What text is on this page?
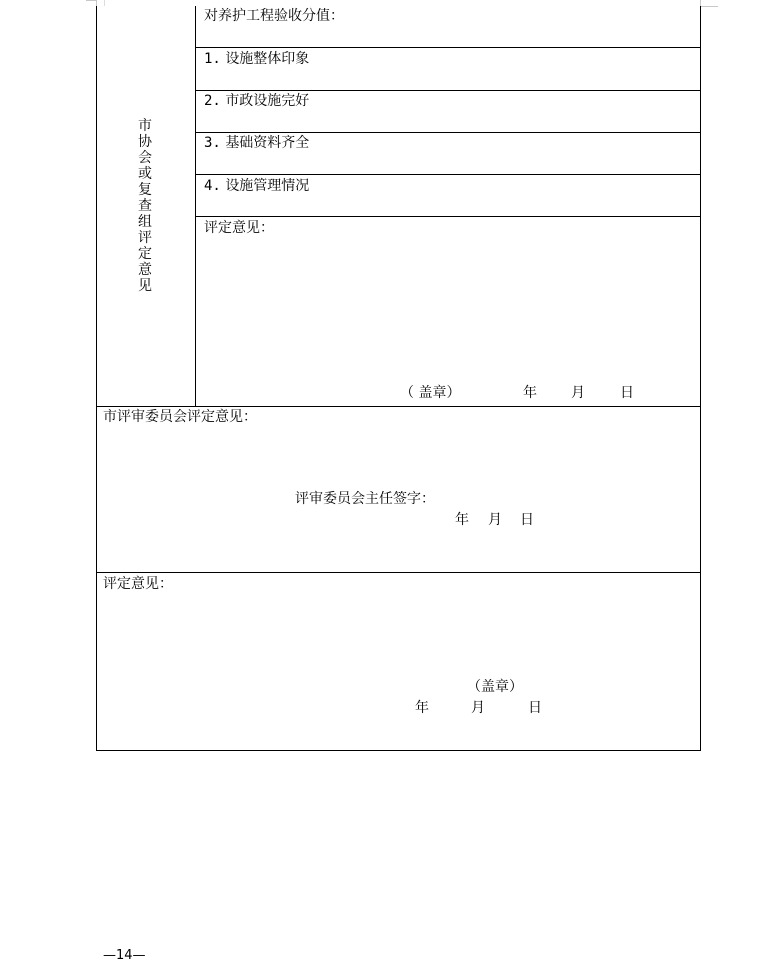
市协会或复查组评定意见
对养护工程验收分值：
1. 设施整体印象
2. 市政设施完好
3. 基础资料齐全
4. 设施管理情况
评定意见：
（ 盖章）	年 月	日
市评审委员会评定意见：
评审委员会主任签字：
年 月 日
评定意见：
（盖章）
年	月	日
—14—
